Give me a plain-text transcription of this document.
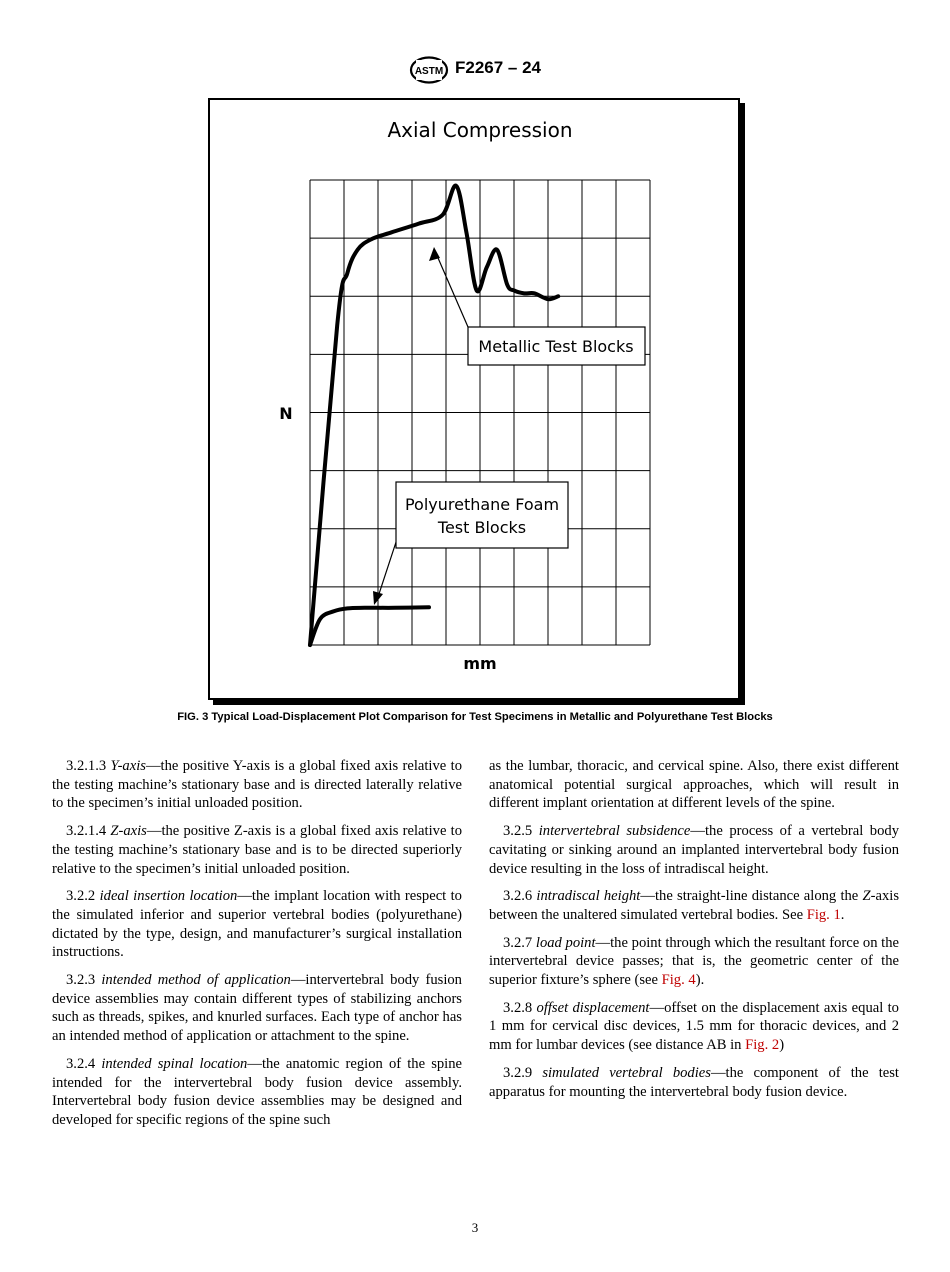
ASTM F2267 – 24
Axial Compression
N
mm
Metallic Test Blocks
Polyurethane Foam
Test Blocks
FIG. 3 Typical Load-Displacement Plot Comparison for Test Specimens in Metallic and Polyurethane Test Blocks

3.2.1.3 Y-axis—the positive Y-axis is a global fixed axis relative to the testing machine’s stationary base and is directed laterally relative to the specimen’s initial unloaded position.

3.2.1.4 Z-axis—the positive Z-axis is a global fixed axis relative to the testing machine’s stationary base and is to be directed superiorly relative to the specimen’s initial unloaded position.

3.2.2 ideal insertion location—the implant location with respect to the simulated inferior and superior vertebral bodies (polyurethane) dictated by the type, design, and manufacturer’s surgical installation instructions.

3.2.3 intended method of application—intervertebral body fusion device assemblies may contain different types of stabilizing anchors such as threads, spikes, and knurled surfaces. Each type of anchor has an intended method of application or attachment to the spine.

3.2.4 intended spinal location—the anatomic region of the spine intended for the intervertebral body fusion device assembly. Intervertebral body fusion device assemblies may be designed and developed for specific regions of the spine such

as the lumbar, thoracic, and cervical spine. Also, there exist different anatomical potential surgical approaches, which will result in different implant orientation at different levels of the spine.

3.2.5 intervertebral subsidence—the process of a vertebral body cavitating or sinking around an implanted intervertebral body fusion device resulting in the loss of intradiscal height.

3.2.6 intradiscal height—the straight-line distance along the Z-axis between the unaltered simulated vertebral bodies. See Fig. 1.

3.2.7 load point—the point through which the resultant force on the intervertebral device passes; that is, the geometric center of the superior fixture’s sphere (see Fig. 4).

3.2.8 offset displacement—offset on the displacement axis equal to 1 mm for cervical disc devices, 1.5 mm for thoracic devices, and 2 mm for lumbar devices (see distance AB in Fig. 2)

3.2.9 simulated vertebral bodies—the component of the test apparatus for mounting the intervertebral body fusion device.

3
